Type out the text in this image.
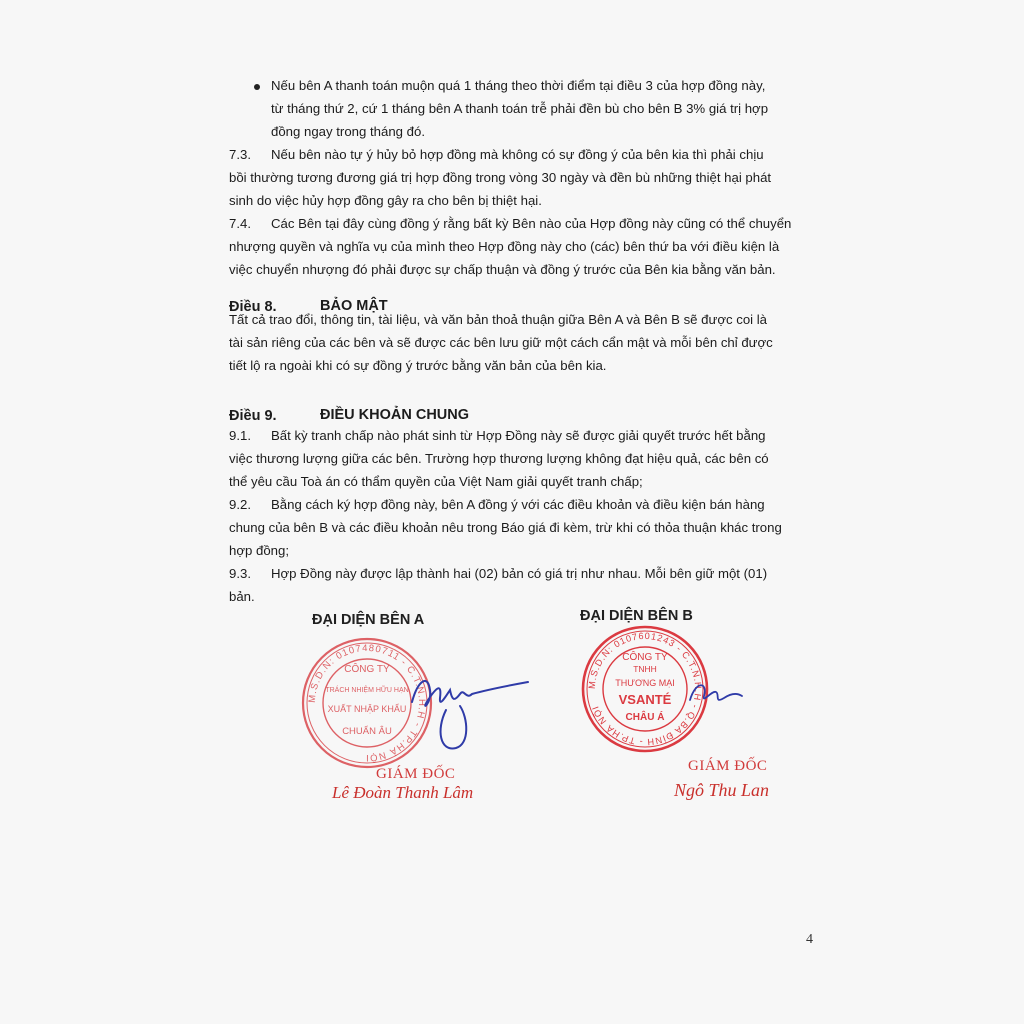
Nếu bên A thanh toán muộn quá 1 tháng theo thời điểm tại điều 3 của hợp đồng này,
từ tháng thứ 2, cứ 1 tháng bên A thanh toán trễ phải đền bù cho bên B 3% giá trị hợp
đồng ngay trong tháng đó.
7.3. Nếu bên nào tự ý hủy bỏ hợp đồng mà không có sự đồng ý của bên kia thì phải chịu
bồi thường tương đương giá trị hợp đồng trong vòng 30 ngày và đền bù những thiệt hại phát
sinh do việc hủy hợp đồng gây ra cho bên bị thiệt hại.
7.4. Các Bên tại đây cùng đồng ý rằng bất kỳ Bên nào của Hợp đồng này cũng có thể chuyển
nhượng quyền và nghĩa vụ của mình theo Hợp đồng này cho (các) bên thứ ba với điều kiện là
việc chuyển nhượng đó phải được sự chấp thuận và đồng ý trước của Bên kia bằng văn bản.
Điều 8.	BẢO MẬT
Tất cả trao đổi, thông tin, tài liệu, và văn bản thoả thuận giữa Bên A và Bên B sẽ được coi là
tài sản riêng của các bên và sẽ được các bên lưu giữ một cách cẩn mật và mỗi bên chỉ được
tiết lộ ra ngoài khi có sự đồng ý trước bằng văn bản của bên kia.
Điều 9.	ĐIỀU KHOẢN CHUNG
9.1. Bất kỳ tranh chấp nào phát sinh từ Hợp Đồng này sẽ được giải quyết trước hết bằng
việc thương lượng giữa các bên. Trường hợp thương lượng không đạt hiệu quả, các bên có
thể yêu cầu Toà án có thẩm quyền của Việt Nam giải quyết tranh chấp;
9.2. Bằng cách ký hợp đồng này, bên A đồng ý với các điều khoản và điều kiện bán hàng
chung của bên B và các điều khoản nêu trong Báo giá đi kèm, trừ khi có thỏa thuận khác trong
hợp đồng;
9.3. Hợp Đồng này được lập thành hai (02) bản có giá trị như nhau. Mỗi bên giữ một (01)
bản.
ĐẠI DIỆN BÊN A
M.S.D.N: 0107480711 - C.T.N.H.H - TP.HÀ NỘI
CÔNG TY
TRÁCH NHIỆM HỮU HẠN
XUẤT NHẬP KHẨU
CHUẨN ÂU
GIÁM ĐỐC
Lê Đoàn Thanh Lâm
ĐẠI DIỆN BÊN B
M.S.D.N: 0107601243 - C.T.N.H.H - Q.BA ĐÌNH - TP.HÀ NỘI
CÔNG TY
TNHH
THƯƠNG MẠI
VSANTÉ
CHÂU Á
GIÁM ĐỐC
Ngô Thu Lan
4
